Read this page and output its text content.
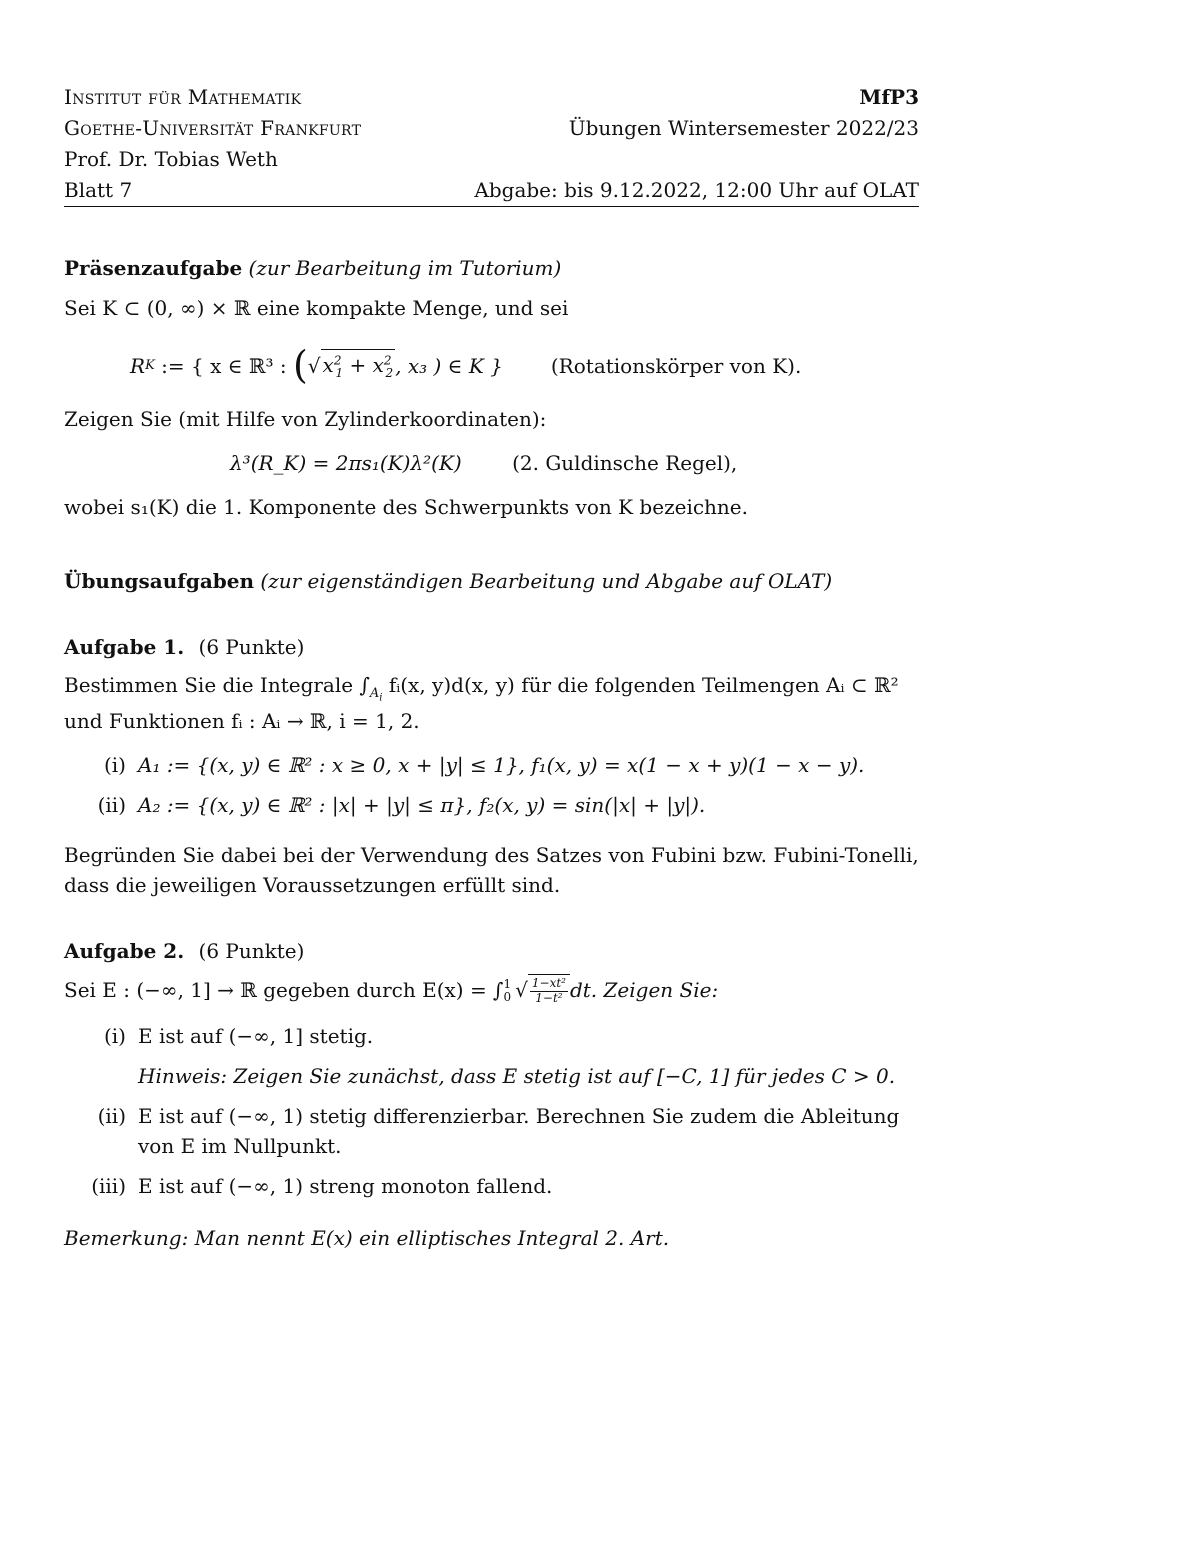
Institut für Mathematik	MfP3
Goethe-Universität Frankfurt	Übungen Wintersemester 2022/23
Prof. Dr. Tobias Weth
Blatt 7	Abgabe: bis 9.12.2022, 12:00 Uhr auf OLAT

Präsenzaufgabe (zur Bearbeitung im Tutorium)

Sei K ⊂ (0, ∞) × ℝ eine kompakte Menge, und sei

R K := { x ∈ ℝ³ : ( √ $x^2_1 + x^2_2$ , x₃ ) ∈ K } (Rotationskörper von K).

Zeigen Sie (mit Hilfe von Zylinderkoordinaten):

λ³(R_K) = 2πs₁(K)λ²(K)	(2. Guldinsche Regel),

wobei s₁(K) die 1. Komponente des Schwerpunkts von K bezeichne.

Übungsaufgaben (zur eigenständigen Bearbeitung und Abgabe auf OLAT)

Aufgabe 1. (6 Punkte)

Bestimmen Sie die Integrale $\int_{A_i}$ fᵢ(x, y)d(x, y) für die folgenden Teilmengen Aᵢ ⊂ ℝ²
und Funktionen fᵢ : Aᵢ → ℝ, i = 1, 2.

(i) A₁ := {(x, y) ∈ ℝ² : x ≥ 0, x + |y| ≤ 1}, f₁(x, y) = x(1 − x + y)(1 − x − y).
(ii) A₂ := {(x, y) ∈ ℝ² : |x| + |y| ≤ π}, f₂(x, y) = sin(|x| + |y|).

Begründen Sie dabei bei der Verwendung des Satzes von Fubini bzw. Fubini-Tonelli, dass die jeweiligen Voraussetzungen erfüllt sind.

Aufgabe 2. (6 Punkte)

Sei E : (−∞, 1] → ℝ gegeben durch E(x) = ∫ 1
0 √ $\frac{\text{1−xt²}}{\text{1−t²}}$ dt. Zeigen Sie:

(i) E ist auf (−∞, 1] stetig.
Hinweis: Zeigen Sie zunächst, dass E stetig ist auf [−C, 1] für jedes C > 0.
(ii) E ist auf (−∞, 1) stetig differenzierbar. Berechnen Sie zudem die Ableitung von E im Nullpunkt.
(iii) E ist auf (−∞, 1) streng monoton fallend.

Bemerkung: Man nennt E(x) ein elliptisches Integral 2. Art.
